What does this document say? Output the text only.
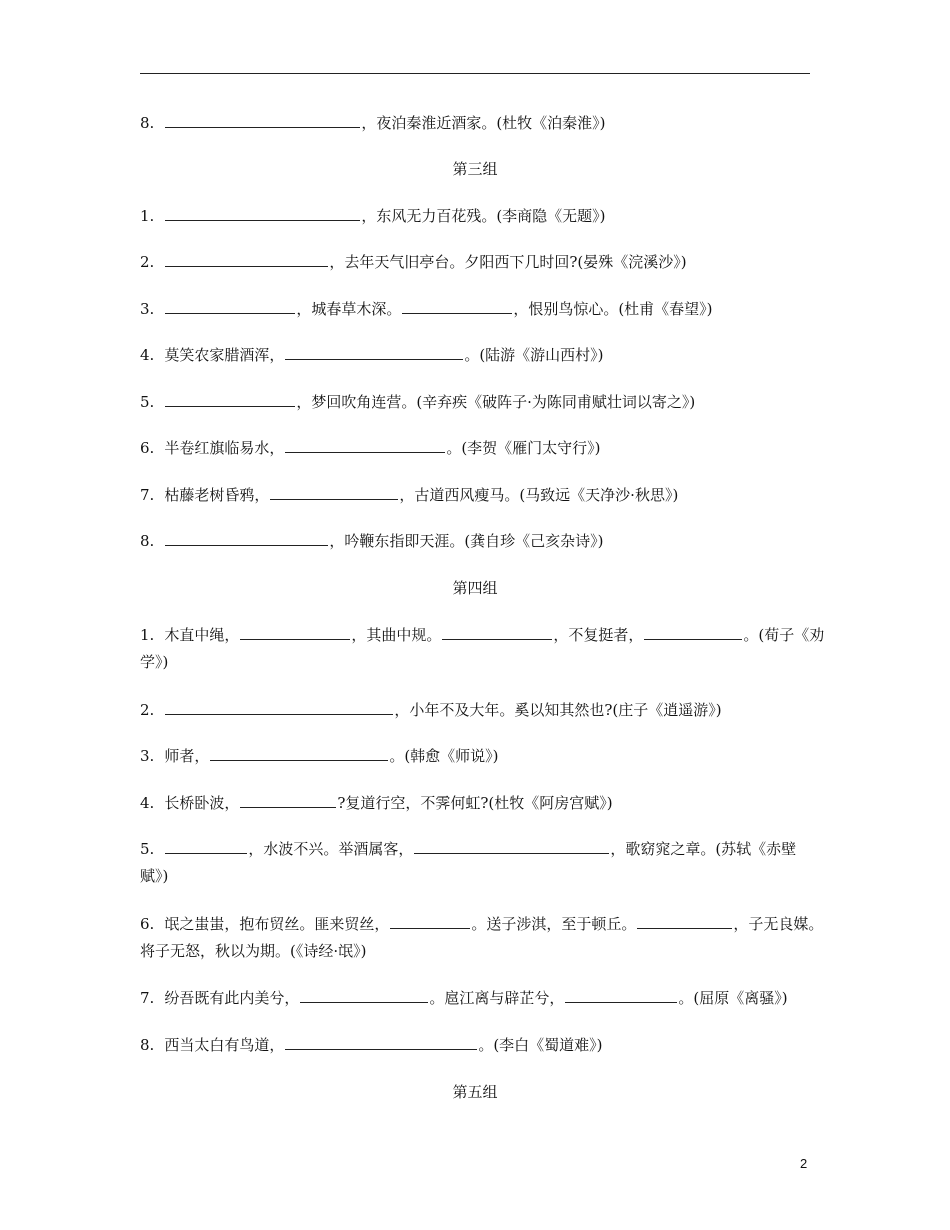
8.	，夜泊秦淮近酒家。(杜牧《泊秦淮》)
第三组
1.	，东风无力百花残。(李商隐《无题》)
2.	，去年天气旧亭台。夕阳西下几时回?(晏殊《浣溪沙》)
3.	，城春草木深。	，恨别鸟惊心。(杜甫《春望》)
4. 莫笑农家腊酒浑，	。(陆游《游山西村》)
5.	，梦回吹角连营。(辛弃疾《破阵子·为陈同甫赋壮词以寄之》)
6. 半卷红旗临易水，	。(李贺《雁门太守行》)
7. 枯藤老树昏鸦，	，古道西风瘦马。(马致远《天净沙·秋思》)
8.	，吟鞭东指即天涯。(龚自珍《己亥杂诗》)
第四组
1. 木直中绳，	，其曲中规。	，不复挺者，	。(荀子《劝
学》)
2.	，小年不及大年。奚以知其然也?(庄子《逍遥游》)
3. 师者，	。(韩愈《师说》)
4. 长桥卧波，	?复道行空，不霁何虹?(杜牧《阿房宫赋》)
5.	，水波不兴。举酒属客，	，歌窈窕之章。(苏轼《赤壁
赋》)
6. 氓之蚩蚩，抱布贸丝。匪来贸丝，	。送子涉淇，至于顿丘。	，子无良媒。
将子无怒，秋以为期。(《诗经·氓》)
7. 纷吾既有此内美兮，	。扈江离与辟芷兮，	。(屈原《离骚》)
8. 西当太白有鸟道，	。(李白《蜀道难》)
第五组
2
